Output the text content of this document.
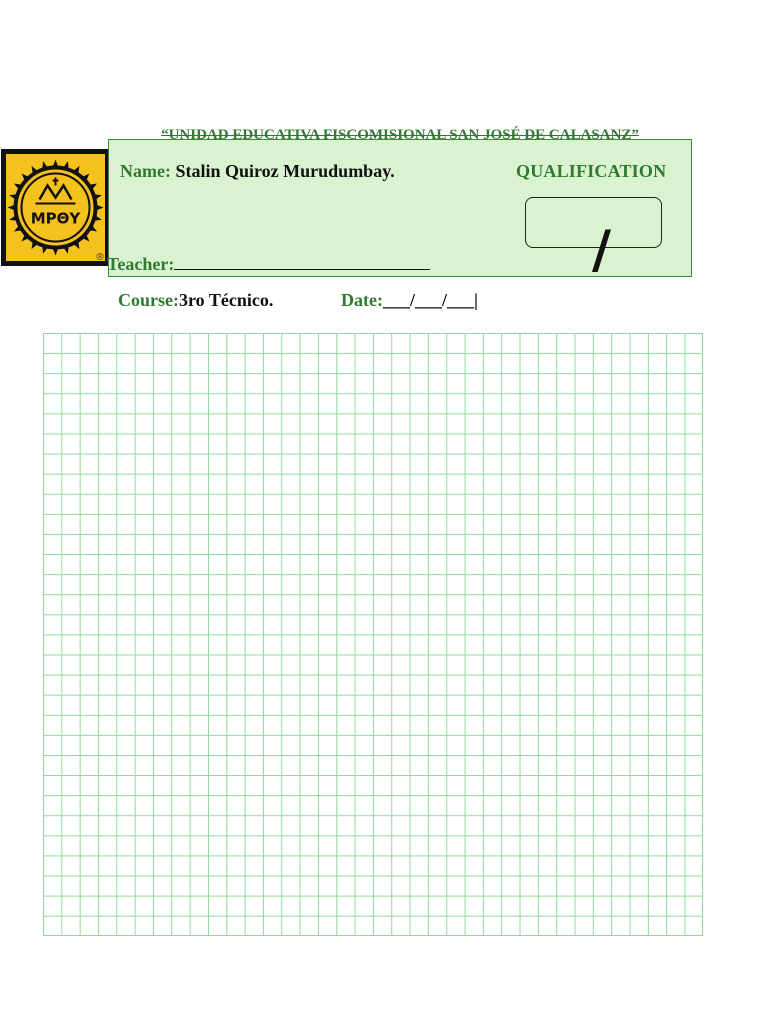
MPΘY
®
“UNIDAD EDUCATIVA FISCOMISIONAL SAN JOSÉ DE CALASANZ”
Name: Stalin Quiroz Murudumbay.	QUALIFICATION
/
Teacher:
Course:3ro Técnico.	Date:___/___/___|
